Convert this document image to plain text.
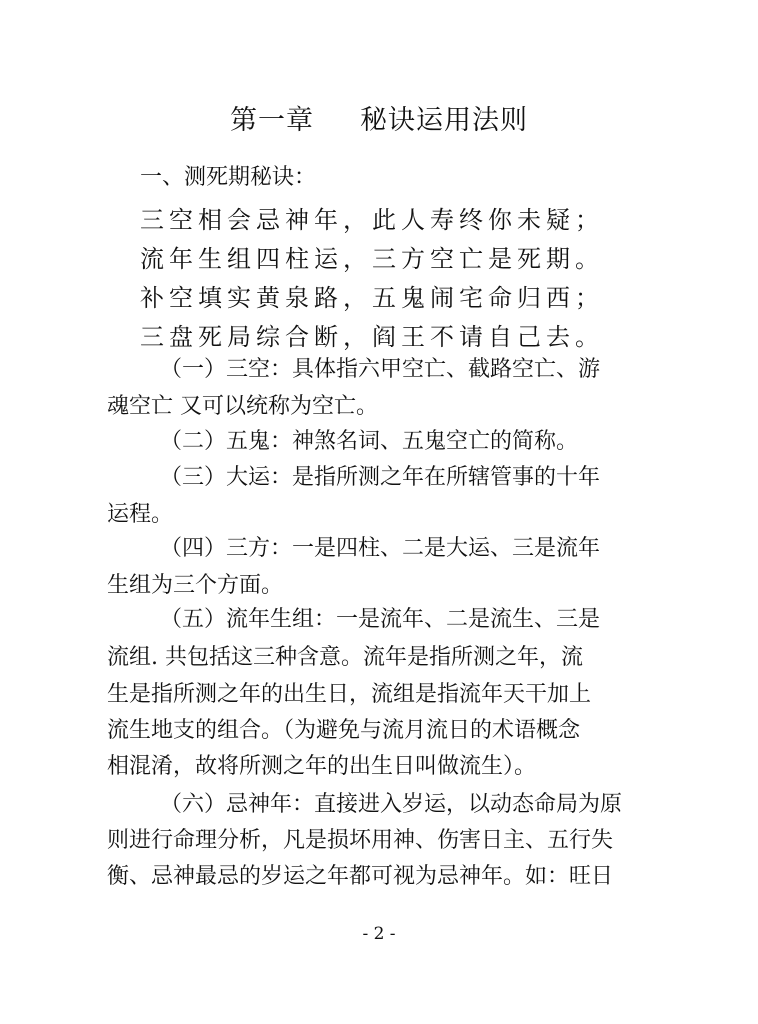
第一章 秘诀运用法则
一、测死期秘诀：
三空相会忌神年，此人寿终你未疑；
流年生组四柱运，三方空亡是死期。
补空填实黄泉路，五鬼闹宅命归西；
三盘死局综合断，阎王不请自己去。
（一）三空：具体指六甲空亡、截路空亡、游
魂空亡 又可以统称为空亡。
（二）五鬼：神煞名词、五鬼空亡的简称。
（三）大运：是指所测之年在所辖管事的十年
运程。
（四）三方：一是四柱、二是大运、三是流年
生组为三个方面。
（五）流年生组：一是流年、二是流生、三是
流组. 共包括这三种含意。流年是指所测之年，流
生是指所测之年的出生日，流组是指流年天干加上
流生地支的组合。（为避免与流月流日的术语概念
相混淆，故将所测之年的出生日叫做流生）。
（六）忌神年：直接进入岁运，以动态命局为原
则进行命理分析，凡是损坏用神、伤害日主、五行失
衡、忌神最忌的岁运之年都可视为忌神年。如：旺日
- 2 -
